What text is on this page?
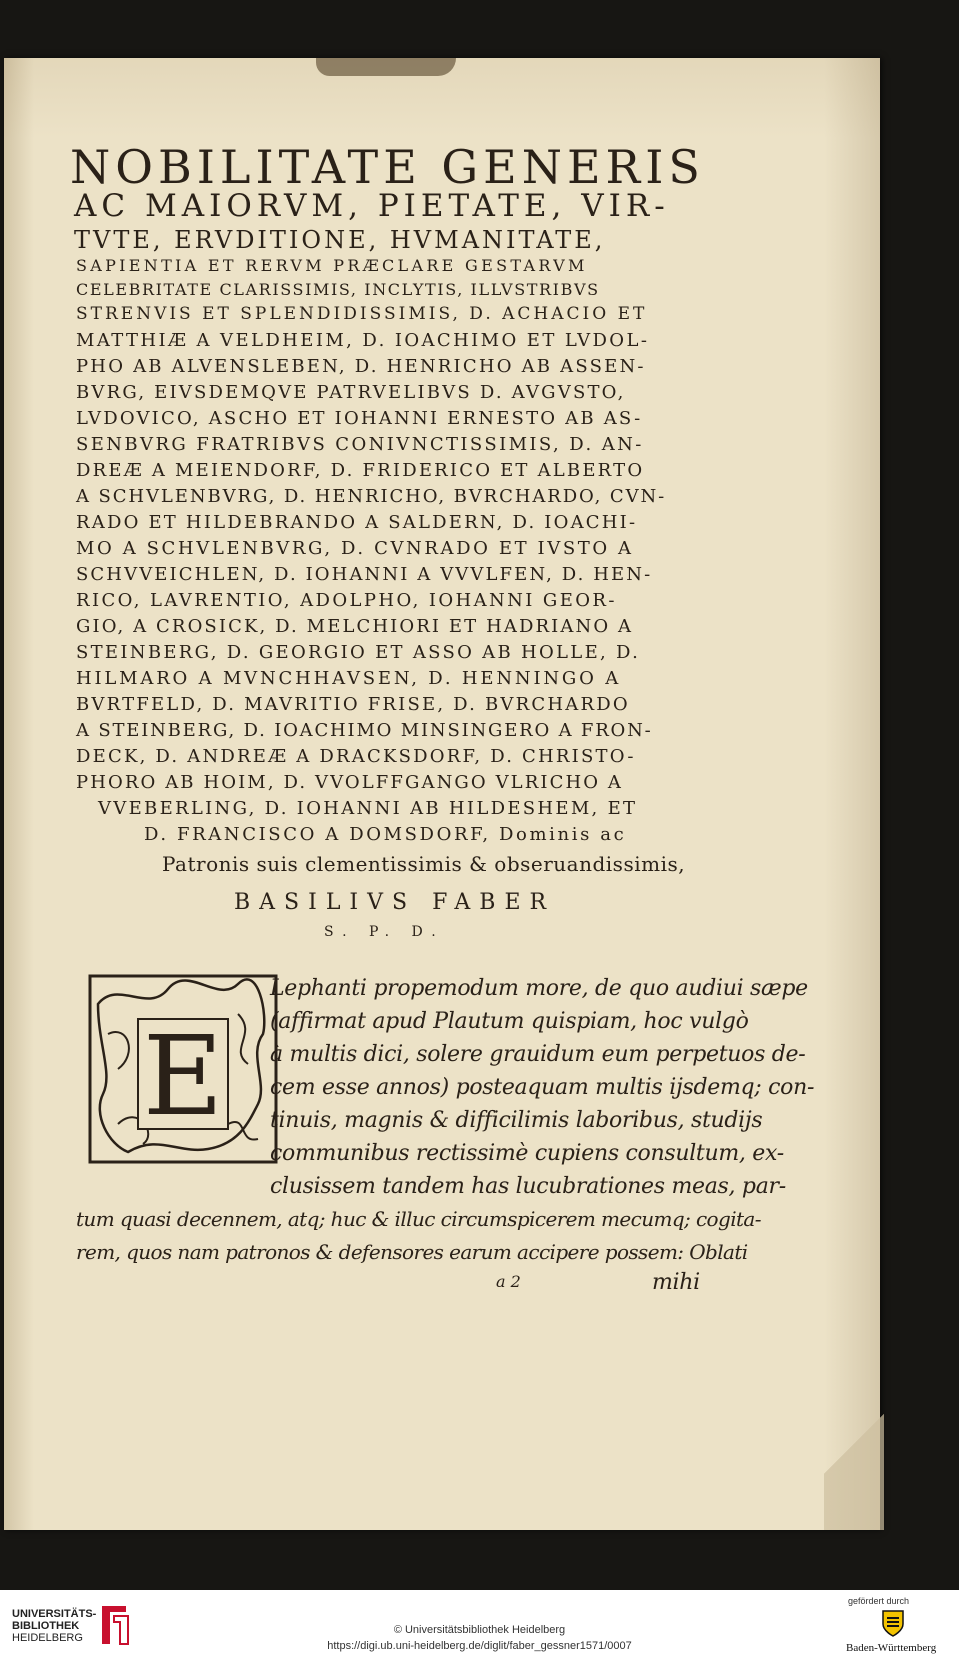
NOBILITATE GENERIS
AC MAIORVM, PIETATE, VIR-
TVTE, ERVDITIONE, HVMANITATE,
SAPIENTIA ET RERVM PRÆCLARE GESTARVM
CELEBRITATE CLARISSIMIS, INCLYTIS, ILLVSTRIBVS
STRENVIS ET SPLENDIDISSIMIS, D. ACHACIO ET
MATTHIÆ A VELDHEIM, D. IOACHIMO ET LVDOL-
PHO AB ALVENSLEBEN, D. HENRICHO AB ASSEN-
BVRG, EIVSDEMQVE PATRVELIBVS D. AVGVSTO,
LVDOVICO, ASCHO ET IOHANNI ERNESTO AB AS-
SENBVRG FRATRIBVS CONIVNCTISSIMIS, D. AN-
DREÆ A MEIENDORF, D. FRIDERICO ET ALBERTO
A SCHVLENBVRG, D. HENRICHO, BVRCHARDO, CVN-
RADO ET HILDEBRANDO A SALDERN, D. IOACHI-
MO A SCHVLENBVRG, D. CVNRADO ET IVSTO A
SCHVVEICHLEN, D. IOHANNI A VVVLFEN, D. HEN-
RICO, LAVRENTIO, ADOLPHO, IOHANNI GEOR-
GIO, A CROSICK, D. MELCHIORI ET HADRIANO A
STEINBERG, D. GEORGIO ET ASSO AB HOLLE, D.
HILMARO A MVNCHHAVSEN, D. HENNINGO A
BVRTFELD, D. MAVRITIO FRISE, D. BVRCHARDO
A STEINBERG, D. IOACHIMO MINSINGERO A FRON-
DECK, D. ANDREÆ A DRACKSDORF, D. CHRISTO-
PHORO AB HOIM, D. VVOLFFGANGO VLRICHO A
VVEBERLING, D. IOHANNI AB HILDESHEM, ET
D. FRANCISCO A DOMSDORF, Dominis ac
Patronis suis clementissimis & obseruandissimis,
BASILIVS FABER
S. P. D.
E
Lephanti propemodum more, de quo audiui sæpe
(affirmat apud Plautum quispiam, hoc vulgò
à multis dici, solere grauidum eum perpetuos de-
cem esse annos) posteaquam multis ijsdemq; con-
tinuis, magnis & difficilimis laboribus, studijs
communibus rectissimè cupiens consultum, ex-
clusissem tandem has lucubrationes meas, par-
tum quasi decennem, atq; huc & illuc circumspicerem mecumq; cogita-
rem, quos nam patronos & defensores earum accipere possem: Oblati
a 2	mihi
UNIVERSITÄTS-
BIBLIOTHEK
HEIDELBERG
© Universitätsbibliothek Heidelberg
https://digi.ub.uni-heidelberg.de/diglit/faber_gessner1571/0007
gefördert durch
Baden-Württemberg
